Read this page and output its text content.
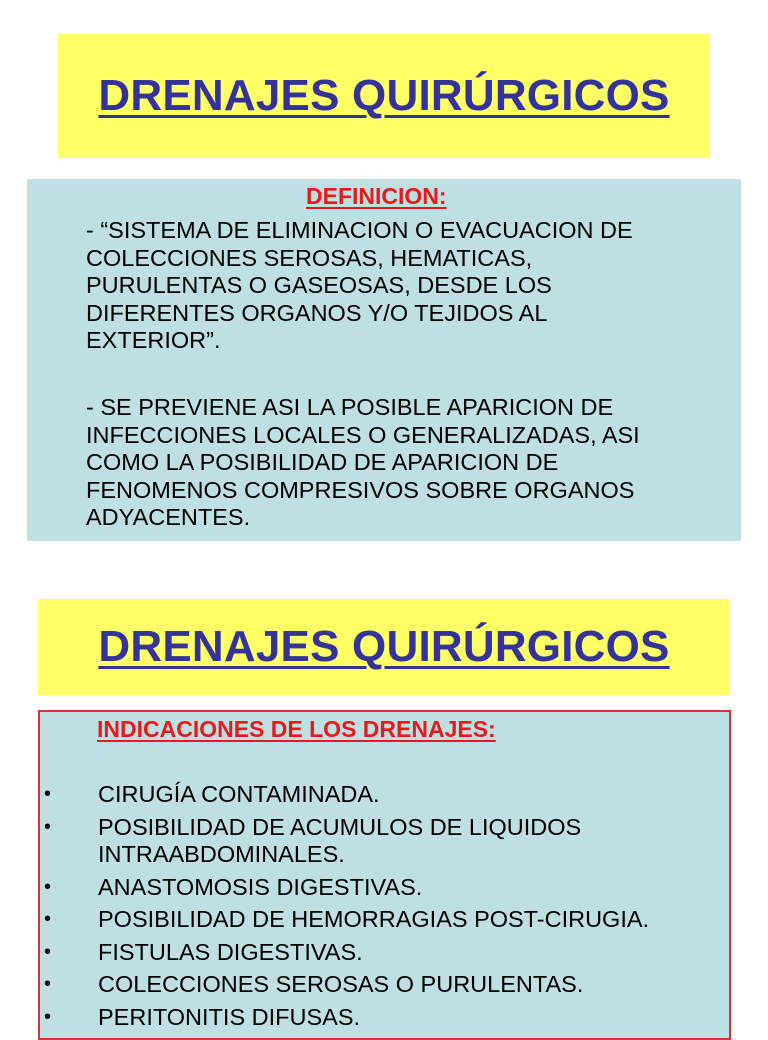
DRENAJES QUIRÚRGICOS

DEFINICION:

- “SISTEMA DE ELIMINACION O EVACUACION DE
COLECCIONES SEROSAS, HEMATICAS,
PURULENTAS O GASEOSAS, DESDE LOS
DIFERENTES ORGANOS Y/O TEJIDOS AL
EXTERIOR”.

- SE PREVIENE ASI LA POSIBLE APARICION DE
INFECCIONES LOCALES O GENERALIZADAS, ASI
COMO LA POSIBILIDAD DE APARICION DE
FENOMENOS COMPRESIVOS SOBRE ORGANOS
ADYACENTES.

DRENAJES QUIRÚRGICOS

INDICACIONES DE LOS DRENAJES:

• CIRUGÍA CONTAMINADA.
• POSIBILIDAD DE ACUMULOS DE LIQUIDOS
INTRAABDOMINALES.
• ANASTOMOSIS DIGESTIVAS.
• POSIBILIDAD DE HEMORRAGIAS POST-CIRUGIA.
• FISTULAS DIGESTIVAS.
• COLECCIONES SEROSAS O PURULENTAS.
• PERITONITIS DIFUSAS.
